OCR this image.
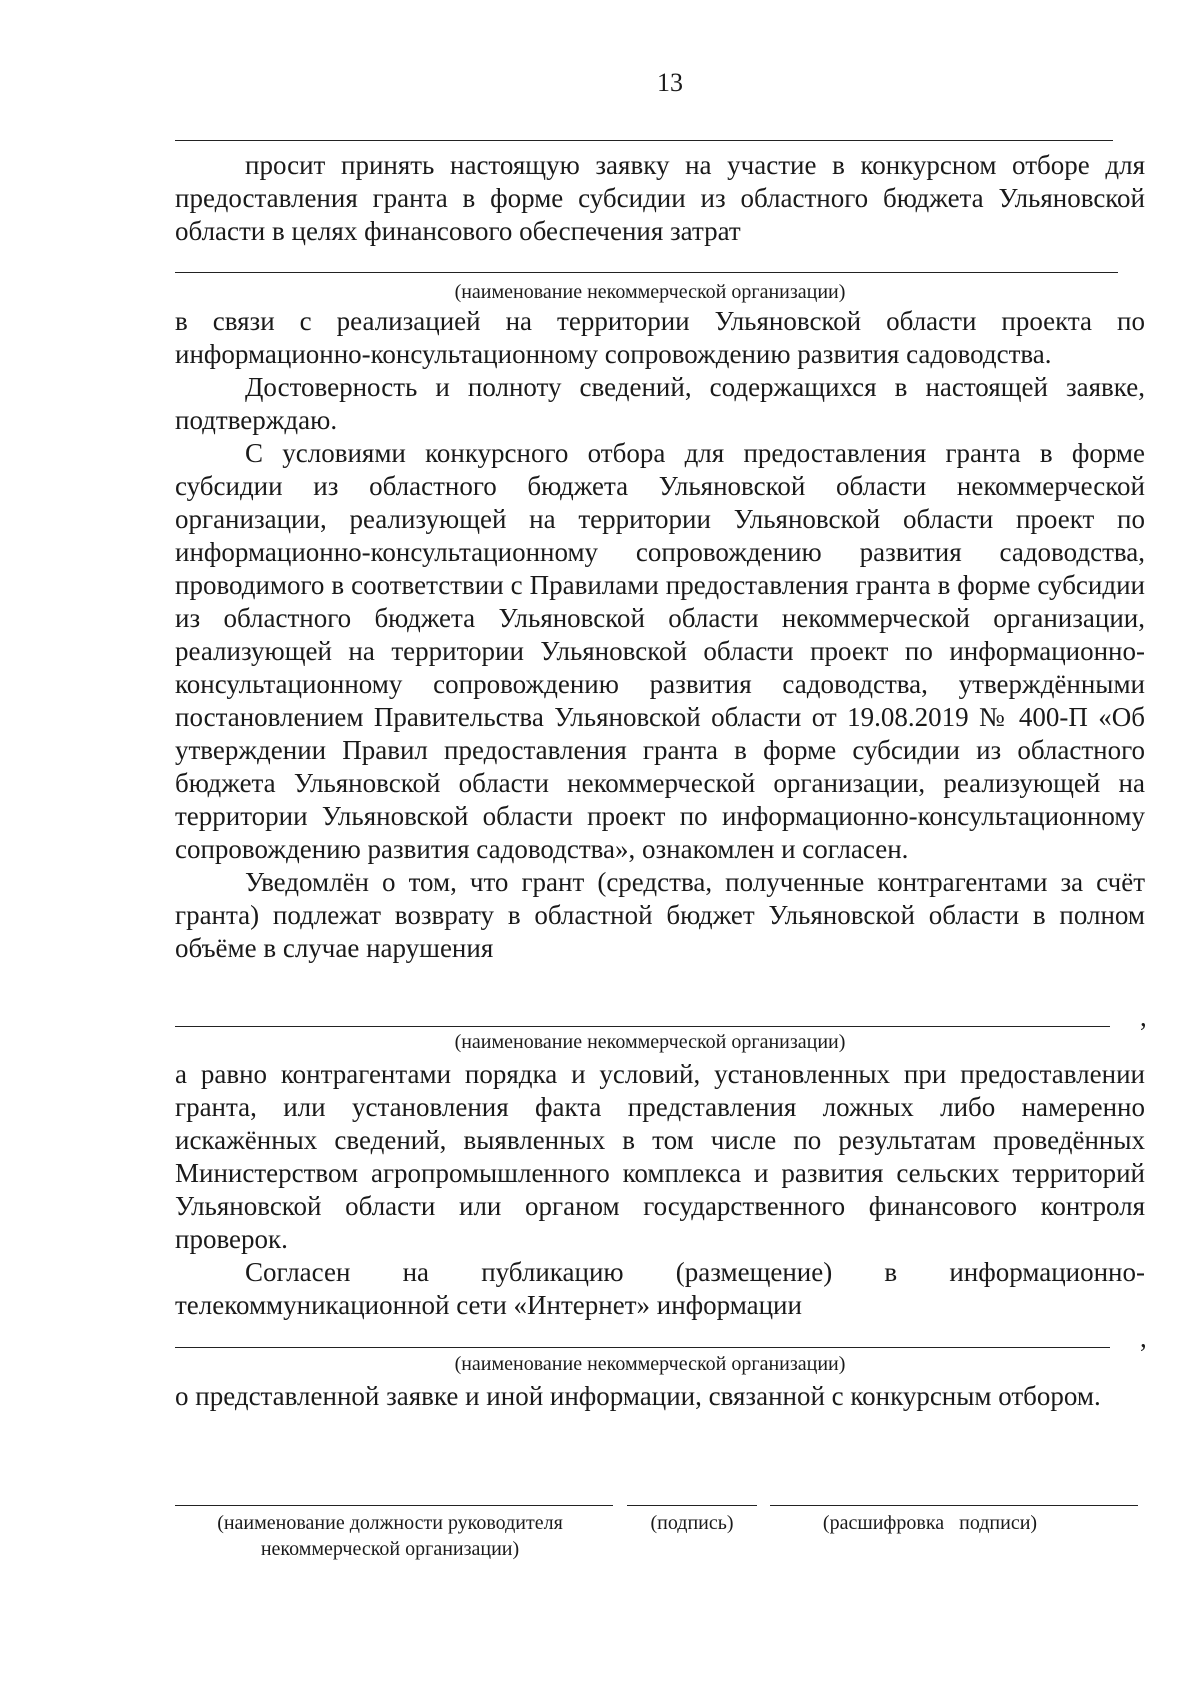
13

просит принять настоящую заявку на участие в конкурсном отборе для предоставления гранта в форме субсидии из областного бюджета Ульяновской области в целях финансового обеспечения затрат

(наименование некоммерческой организации)

в связи с реализацией на территории Ульяновской области проекта по информационно-консультационному сопровождению развития садоводства.

Достоверность и полноту сведений, содержащихся в настоящей заявке, подтверждаю.

С условиями конкурсного отбора для предоставления гранта в форме субсидии из областного бюджета Ульяновской области некоммерческой организации, реализующей на территории Ульяновской области проект по информационно-консультационному сопровождению развития садоводства, проводимого в соответствии с Правилами предоставления гранта в форме субсидии из областного бюджета Ульяновской области некоммерческой организации, реализующей на территории Ульяновской области проект по информационно-консультационному сопровождению развития садоводства, утверждёнными постановлением Правительства Ульяновской области от 19.08.2019 № 400-П «Об утверждении Правил предоставления гранта в форме субсидии из областного бюджета Ульяновской области некоммерческой организации, реализующей на территории Ульяновской области проект по информационно-консультационному сопровождению развития садоводства», ознакомлен и согласен.

Уведомлён о том, что грант (средства, полученные контрагентами за счёт гранта) подлежат возврату в областной бюджет Ульяновской области в полном объёме в случае нарушения

,
(наименование некоммерческой организации)

а равно контрагентами порядка и условий, установленных при предоставлении гранта, или установления факта представления ложных либо намеренно искажённых сведений, выявленных в том числе по результатам проведённых Министерством агропромышленного комплекса и развития сельских территорий Ульяновской области или органом государственного финансового контроля проверок.

Согласен на публикацию (размещение) в информационно-телекоммуникационной сети «Интернет» информации

,
(наименование некоммерческой организации)

о представленной заявке и иной информации, связанной с конкурсным отбором.

(наименование должности руководителя некоммерческой организации)
(подпись)	(расшифровка   подписи)
